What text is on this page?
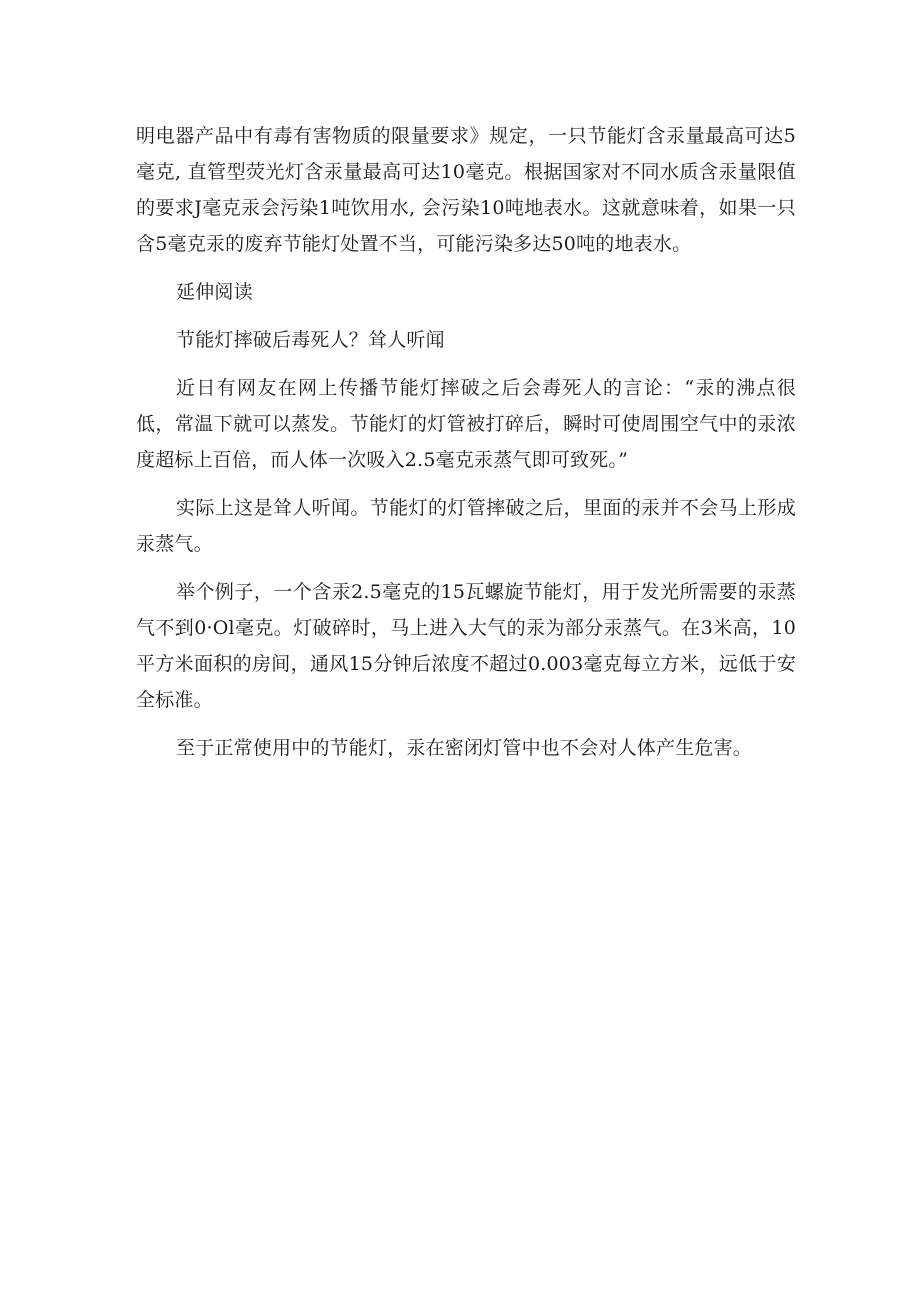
明电器产品中有毒有害物质的限量要求》规定，一只节能灯含汞量最高可达5毫克, 直管型荧光灯含汞量最高可达10毫克。根据国家对不同水质含汞量限值的要求J毫克汞会污染1吨饮用水, 会污染10吨地表水。这就意味着，如果一只含5毫克汞的废弃节能灯处置不当，可能污染多达50吨的地表水。

延伸阅读

节能灯摔破后毒死人？耸人听闻

近日有网友在网上传播节能灯摔破之后会毒死人的言论：“汞的沸点很低，常温下就可以蒸发。节能灯的灯管被打碎后，瞬时可使周围空气中的汞浓度超标上百倍，而人体一次吸入2.5毫克汞蒸气即可致死。”

实际上这是耸人听闻。节能灯的灯管摔破之后，里面的汞并不会马上形成汞蒸气。

举个例子，一个含汞2.5毫克的15瓦螺旋节能灯，用于发光所需要的汞蒸气不到0·Ol毫克。灯破碎时，马上进入大气的汞为部分汞蒸气。在3米高，10平方米面积的房间，通风15分钟后浓度不超过0.003毫克每立方米，远低于安全标准。

至于正常使用中的节能灯，汞在密闭灯管中也不会对人体产生危害。
